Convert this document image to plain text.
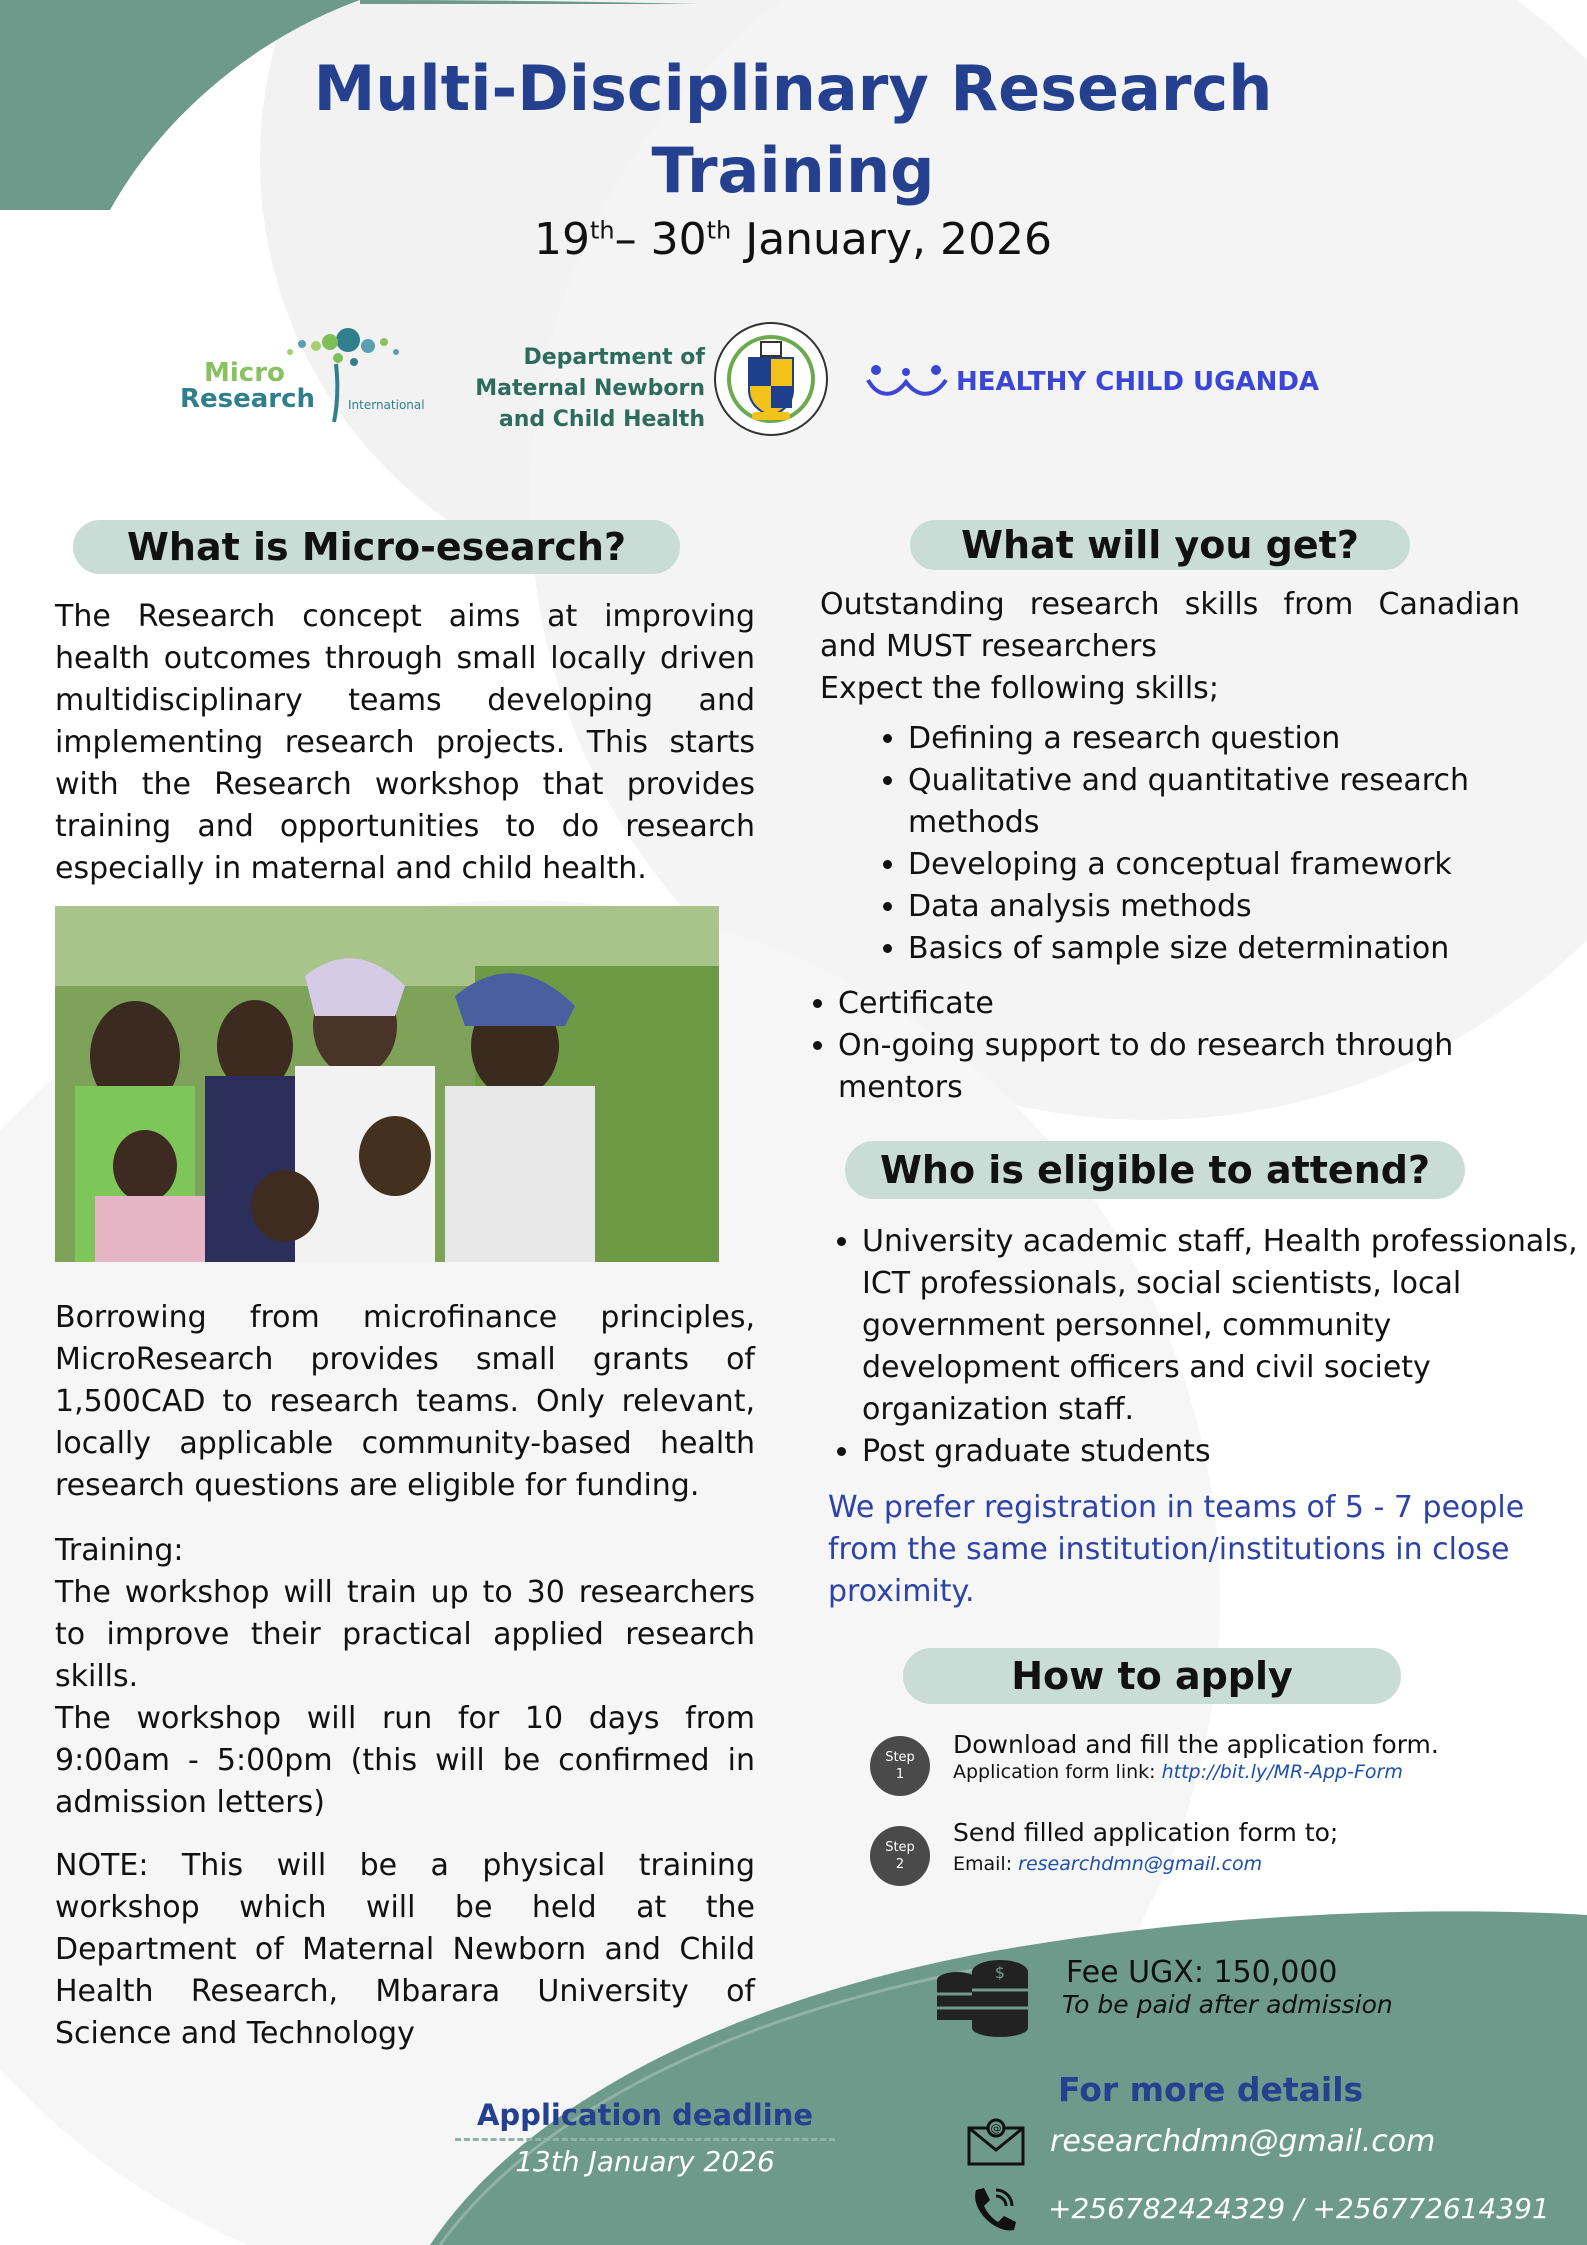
Multi-Disciplinary Research
Training
19th– 30th January, 2026
Micro
Research	International
Department of
Maternal Newborn
and Child Health
HEALTHY CHILD UGANDA
What is Micro-esearch?

The Research concept aims at improving health outcomes through small locally driven multidisciplinary teams developing and implementing research projects. This starts with the Research workshop that provides training and opportunities to do research especially in maternal and child health.

Borrowing from microfinance principles, MicroResearch provides small grants of 1,500CAD to research teams. Only relevant, locally applicable community-based health research questions are eligible for funding.

Training:

The workshop will train up to 30 researchers to improve their practical applied research skills.

The workshop will run for 10 days from 9:00am - 5:00pm (this will be confirmed in admission letters)

NOTE: This will be a physical training workshop which will be held at the Department of Maternal Newborn and Child Health Research, Mbarara University of Science and Technology

Application deadline
13th January 2026
What will you get?

Outstanding research skills from Canadian and MUST researchers

Expect the following skills;

• Defining a research question
• Qualitative and quantitative research methods
• Developing a conceptual framework
• Data analysis methods
• Basics of sample size determination
• Certificate
• On-going support to do research through mentors
Who is eligible to attend?
• University academic staff, Health professionals, ICT professionals, social scientists, local government personnel, community development officers and civil society organization staff.
• Post graduate students
We prefer registration in teams of 5 - 7 people from the same institution/institutions in close proximity.
How to apply
Step
1
Download and fill the application form.
Application form link: http://bit.ly/MR-App-Form
Step
2
Send filled application form to;
Email: researchdmn@gmail.com
$ Fee UGX: 150,000
To be paid after admission
For more details
@ researchdmn@gmail.com
+256782424329 / +256772614391
